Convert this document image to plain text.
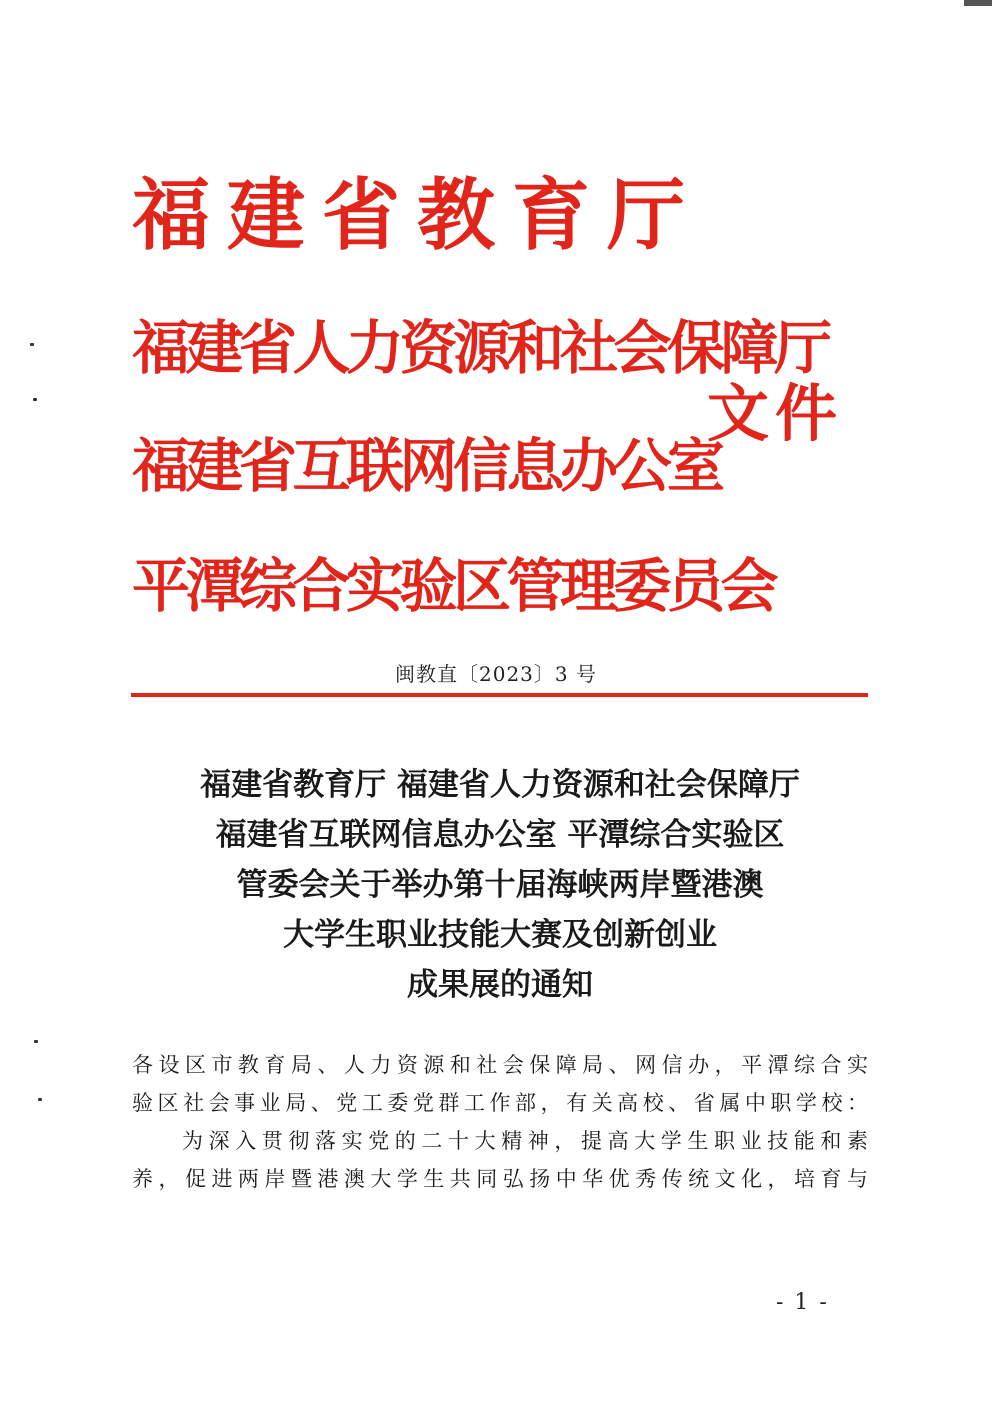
福建省教育厅
福建省人力资源和社会保障厅
福建省互联网信息办公室
平潭综合实验区管理委员会
文件
闽教直〔2023〕3 号
福建省教育厅 福建省人力资源和社会保障厅
福建省互联网信息办公室 平潭综合实验区
管委会关于举办第十届海峡两岸暨港澳
大学生职业技能大赛及创新创业
成果展的通知
各设区市教育局、人力资源和社会保障局、网信办，平潭综合实
验区社会事业局、党工委党群工作部，有关高校、省属中职学校：
为深入贯彻落实党的二十大精神，提高大学生职业技能和素
养，促进两岸暨港澳大学生共同弘扬中华优秀传统文化，培育与
- 1 -
